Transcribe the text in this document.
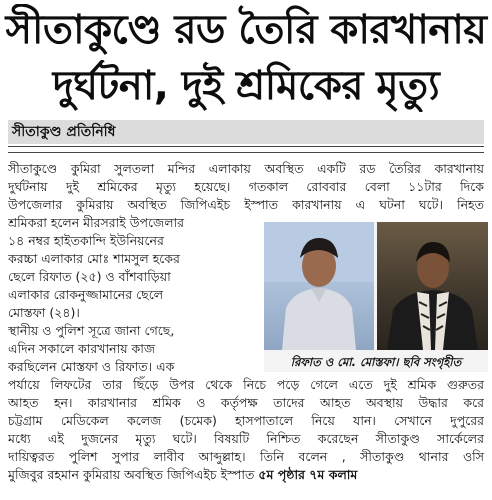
সীতাকুণ্ডে রড তৈরি কারখানায়
দুর্ঘটনা, দুই শ্রমিকের মৃত্যু
সীতাকুণ্ড প্রতিনিধি
সীতাকুণ্ডে কুমিরা সুলতলা মন্দির এলাকায় অবস্থিত একটি রড তৈরির কারখানায়
দুর্ঘটনায় দুই শ্রমিকের মৃত্যু হয়েছে। গতকাল রোববার বেলা ১১টার দিকে
উপজেলার কুমিরায় অবস্থিত জিপিএইচ ইস্পাত কারখানায় এ ঘটনা ঘটে। নিহত
শ্রমিকরা হলেন মীরসরাই উপজেলার
১৪ নম্বর হাইতকান্দি ইউনিয়নের
করচ্চা এলাকার মোঃ শামসুল হকের
ছেলে রিফাত (২৫) ও বাঁশবাড়িয়া
এলাকার রোকনুজ্জামানের ছেলে
মোস্তফা (২৪)।
স্থানীয় ও পুলিশ সূত্রে জানা গেছে,
এদিন সকালে কারখানায় কাজ
করছিলেন মোস্তফা ও রিফাত। এক	রিফাত ও মো. মোস্তফা। ছবি সংগৃহীত
পর্যায়ে লিফটের তার ছিঁড়ে উপর থেকে নিচে পড়ে গেলে এতে দুই শ্রমিক গুরুতর
আহত হন। কারখানার শ্রমিক ও কর্তৃপক্ষ তাদের আহত অবস্থায় উদ্ধার করে
চট্টগ্রাম মেডিকেল কলেজ (চমেক) হাসপাতালে নিয়ে যান। সেখানে দুপুরের
মধ্যে এই দুজনের মৃত্যু ঘটে। বিষয়টি নিশ্চিত করেছেন সীতাকুণ্ড সার্কেলের
দায়িত্বরত পুলিশ সুপার লাবীব আব্দুল্লাহ। তিনি বলেন , সীতাকুণ্ড থানার ওসি
মুজিবুর রহমান কুমিরায় অবস্থিত জিপিএইচ ইস্পাত ৫ম পৃষ্ঠার ৭ম কলাম
